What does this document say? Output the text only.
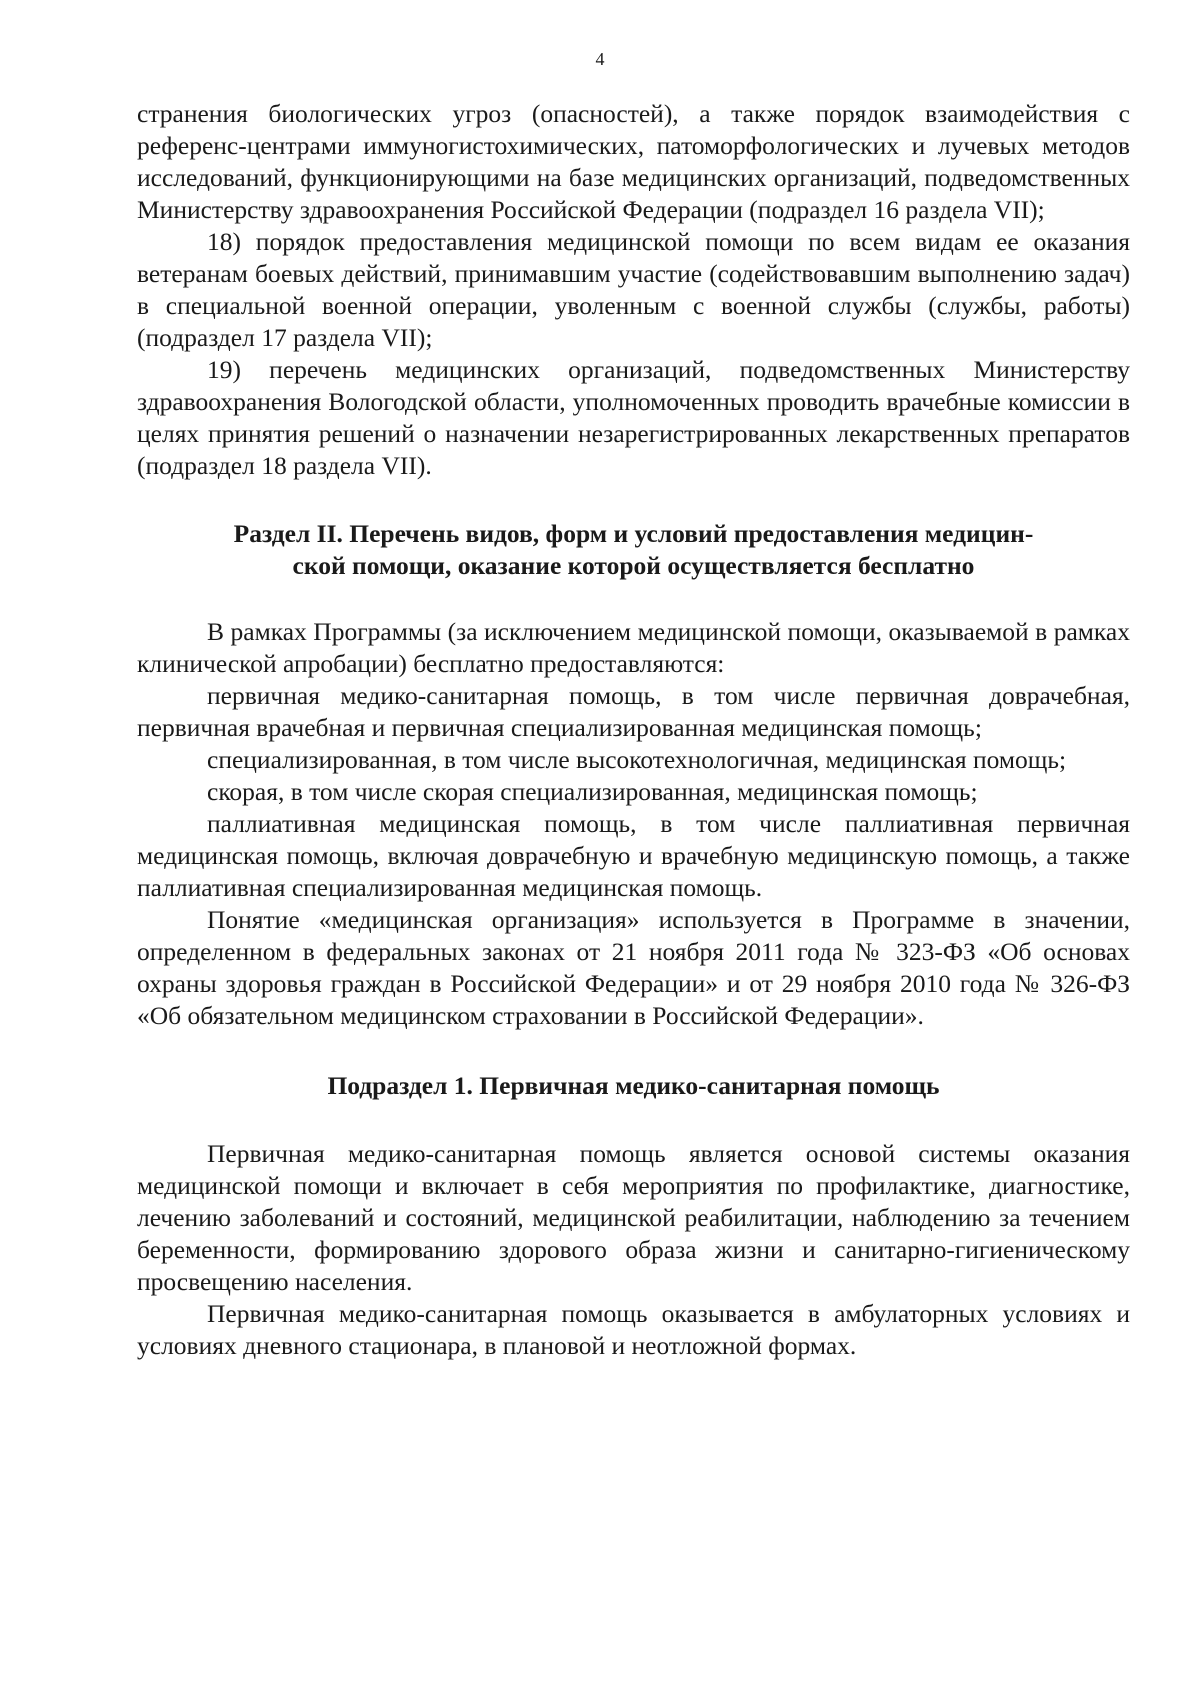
4

странения биологических угроз (опасностей), а также порядок взаимодействия с референс-центрами иммуногистохимических, патоморфологических и лучевых методов исследований, функционирующими на базе медицинских организаций, подведомственных Министерству здравоохранения Российской Федерации (подраздел 16 раздела VII);

18) порядок предоставления медицинской помощи по всем видам ее оказания ветеранам боевых действий, принимавшим участие (содействовавшим выполнению задач) в специальной военной операции, уволенным с военной службы (службы, работы) (подраздел 17 раздела VII);

19) перечень медицинских организаций, подведомственных Министерству здравоохранения Вологодской области, уполномоченных проводить врачебные комиссии в целях принятия решений о назначении незарегистрированных лекарственных препаратов (подраздел 18 раздела VII).

Раздел II. Перечень видов, форм и условий предоставления медицин-
ской помощи, оказание которой осуществляется бесплатно

В рамках Программы (за исключением медицинской помощи, оказываемой в рамках клинической апробации) бесплатно предоставляются:

первичная медико-санитарная помощь, в том числе первичная доврачебная, первичная врачебная и первичная специализированная медицинская помощь;

специализированная, в том числе высокотехнологичная, медицинская помощь;

скорая, в том числе скорая специализированная, медицинская помощь;

паллиативная медицинская помощь, в том числе паллиативная первичная медицинская помощь, включая доврачебную и врачебную медицинскую помощь, а также паллиативная специализированная медицинская помощь.

Понятие «медицинская организация» используется в Программе в значении, определенном в федеральных законах от 21 ноября 2011 года № 323-ФЗ «Об основах охраны здоровья граждан в Российской Федерации» и от 29 ноября 2010 года № 326-ФЗ «Об обязательном медицинском страховании в Российской Федерации».

Подраздел 1. Первичная медико-санитарная помощь

Первичная медико-санитарная помощь является основой системы оказания медицинской помощи и включает в себя мероприятия по профилактике, диагностике, лечению заболеваний и состояний, медицинской реабилитации, наблюдению за течением беременности, формированию здорового образа жизни и санитарно-гигиеническому просвещению населения.

Первичная медико-санитарная помощь оказывается в амбулаторных условиях и условиях дневного стационара, в плановой и неотложной формах.
